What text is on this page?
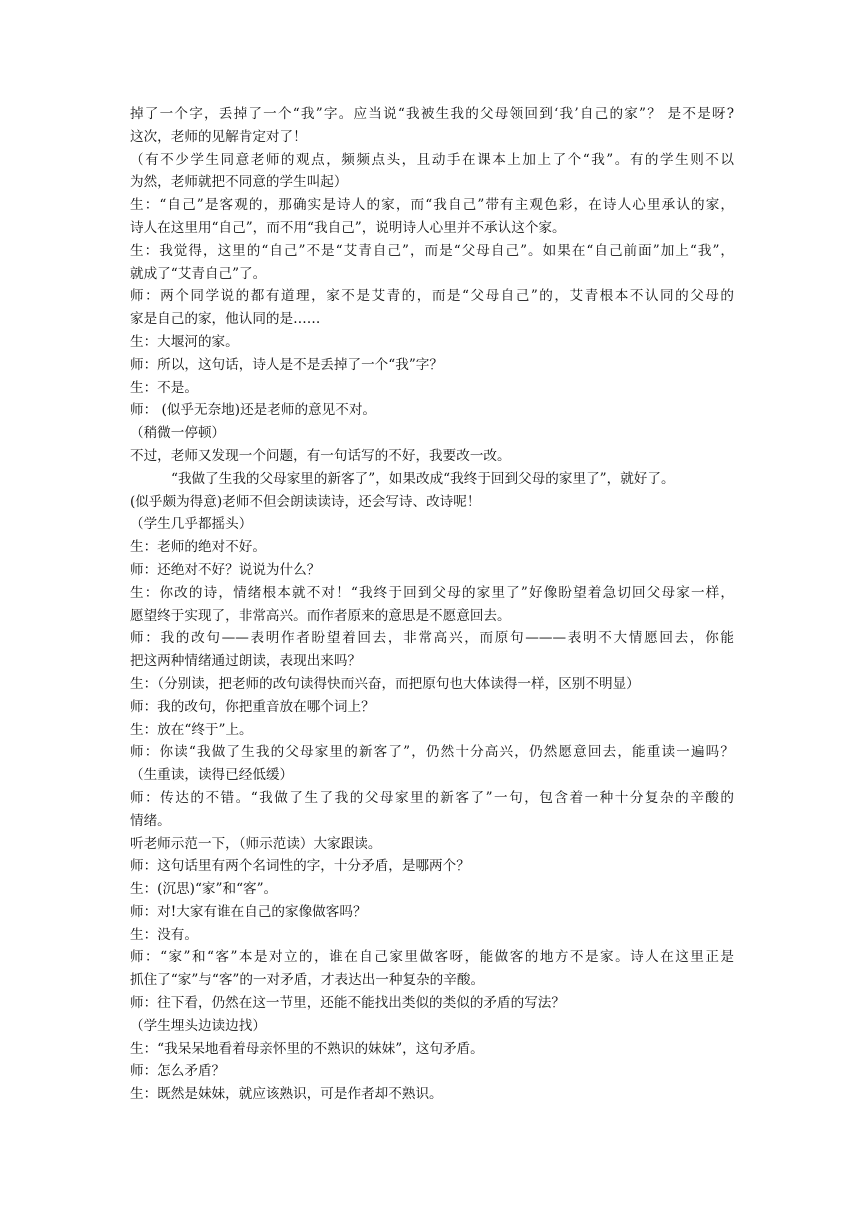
掉了一个字，丢掉了一个“我”字。应当说“我被生我的父母领回到‘我’自己的家”？ 是不是呀?
这次，老师的见解肯定对了！
（有不少学生同意老师的观点，频频点头，且动手在课本上加上了个“我”。有的学生则不以
为然，老师就把不同意的学生叫起）
生：“自己”是客观的，那确实是诗人的家，而“我自己”带有主观色彩，在诗人心里承认的家，
诗人在这里用“自己”，而不用“我自己”，说明诗人心里并不承认这个家。
生：我觉得，这里的“自己”不是“艾青自己”，而是“父母自己”。如果在“自己前面”加上“我”，
就成了“艾青自己”了。
师：两个同学说的都有道理，家不是艾青的，而是“父母自己”的，艾青根本不认同的父母的
家是自己的家，他认同的是……
生：大堰河的家。
师：所以，这句话，诗人是不是丢掉了一个“我”字？
生：不是。
师： (似乎无奈地)还是老师的意见不对。
（稍微一停顿）
不过，老师又发现一个问题，有一句话写的不好，我要改一改。
“我做了生我的父母家里的新客了”，如果改成“我终于回到父母的家里了”，就好了。
(似乎颇为得意)老师不但会朗读读诗，还会写诗、改诗呢！
（学生几乎都摇头）
生：老师的绝对不好。
师：还绝对不好？说说为什么？
生：你改的诗，情绪根本就不对！“我终于回到父母的家里了”好像盼望着急切回父母家一样，
愿望终于实现了，非常高兴。而作者原来的意思是不愿意回去。
师：我的改句——表明作者盼望着回去，非常高兴，而原句———表明不大情愿回去，你能
把这两种情绪通过朗读，表现出来吗？
生：（分别读，把老师的改句读得快而兴奋，而把原句也大体读得一样，区别不明显）
师：我的改句，你把重音放在哪个词上？
生：放在“终于”上。
师：你读“我做了生我的父母家里的新客了”，仍然十分高兴，仍然愿意回去，能重读一遍吗？
（生重读，读得已经低缓）
师：传达的不错。“我做了生了我的父母家里的新客了”一句，包含着一种十分复杂的辛酸的
情绪。
听老师示范一下，（师示范读）大家跟读。
师：这句话里有两个名词性的字，十分矛盾，是哪两个？
生：(沉思)“家”和“客”。
师：对!大家有谁在自己的家像做客吗？
生：没有。
师：“家”和“客”本是对立的，谁在自己家里做客呀，能做客的地方不是家。诗人在这里正是
抓住了“家”与“客”的一对矛盾，才表达出一种复杂的辛酸。
师：往下看，仍然在这一节里，还能不能找出类似的类似的矛盾的写法？
（学生埋头边读边找）
生：“我呆呆地看着母亲怀里的不熟识的妹妹”，这句矛盾。
师：怎么矛盾？
生：既然是妹妹，就应该熟识，可是作者却不熟识。
